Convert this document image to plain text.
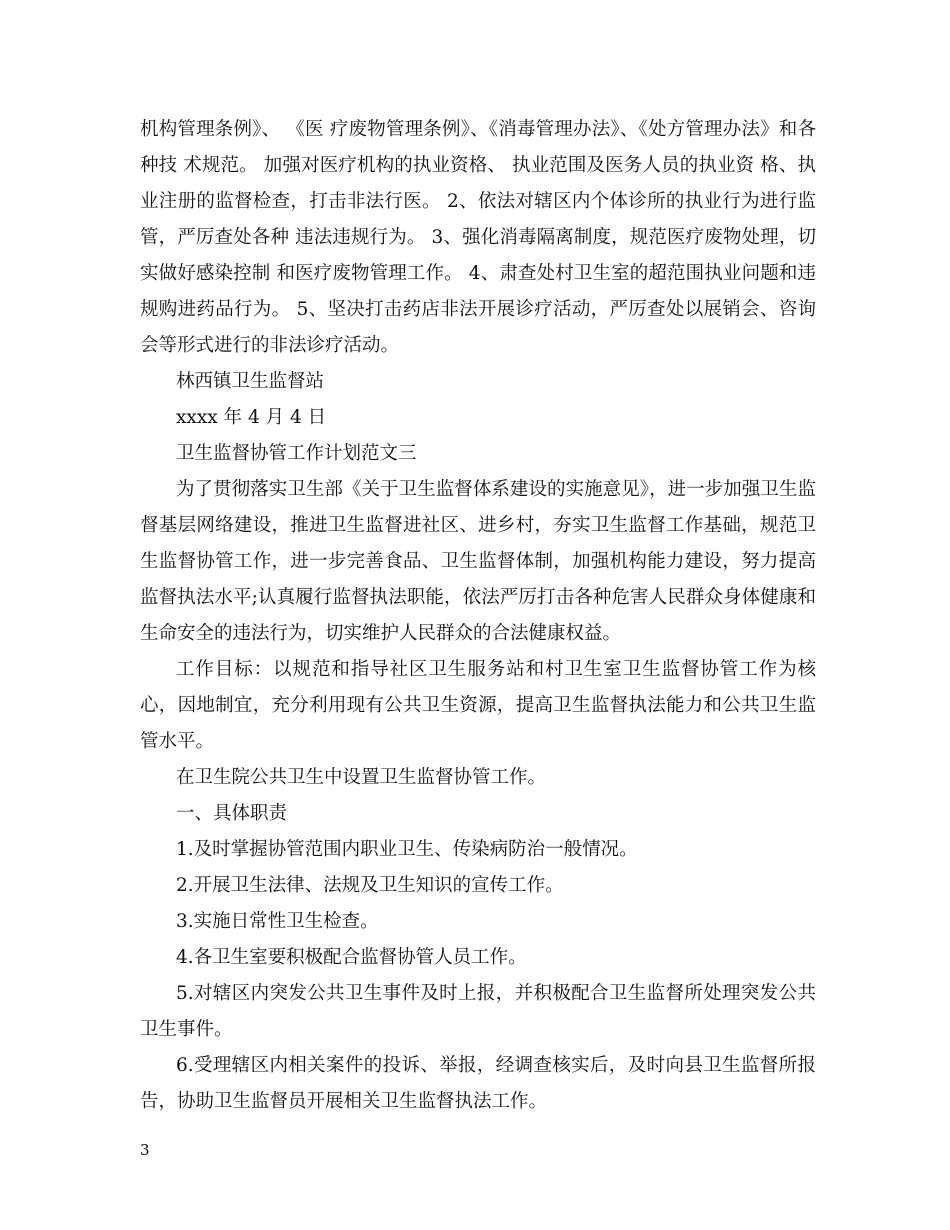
机构管理条例》、 《医 疗废物管理条例》、《消毒管理办法》、《处方管理办法》和各种技 术规范。 加强对医疗机构的执业资格、 执业范围及医务人员的执业资 格、执业注册的监督检查，打击非法行医。 2、依法对辖区内个体诊所的执业行为进行监管，严厉查处各种 违法违规行为。 3、强化消毒隔离制度，规范医疗废物处理，切实做好感染控制 和医疗废物管理工作。 4、肃查处村卫生室的超范围执业问题和违规购进药品行为。 5、坚决打击药店非法开展诊疗活动，严厉查处以展销会、咨询 会等形式进行的非法诊疗活动。

林西镇卫生监督站

xxxx 年 4 月 4 日

卫生监督协管工作计划范文三

为了贯彻落实卫生部《关于卫生监督体系建设的实施意见》，进一步加强卫生监督基层网络建设，推进卫生监督进社区、进乡村，夯实卫生监督工作基础，规范卫生监督协管工作，进一步完善食品、卫生监督体制，加强机构能力建设，努力提高监督执法水平;认真履行监督执法职能，依法严厉打击各种危害人民群众身体健康和生命安全的违法行为，切实维护人民群众的合法健康权益。

工作目标：以规范和指导社区卫生服务站和村卫生室卫生监督协管工作为核心，因地制宜，充分利用现有公共卫生资源，提高卫生监督执法能力和公共卫生监管水平。

在卫生院公共卫生中设置卫生监督协管工作。

一、具体职责

1.及时掌握协管范围内职业卫生、传染病防治一般情况。

2.开展卫生法律、法规及卫生知识的宣传工作。

3.实施日常性卫生检查。

4.各卫生室要积极配合监督协管人员工作。

5.对辖区内突发公共卫生事件及时上报，并积极配合卫生监督所处理突发公共卫生事件。

6.受理辖区内相关案件的投诉、举报，经调查核实后，及时向县卫生监督所报告，协助卫生监督员开展相关卫生监督执法工作。

3
